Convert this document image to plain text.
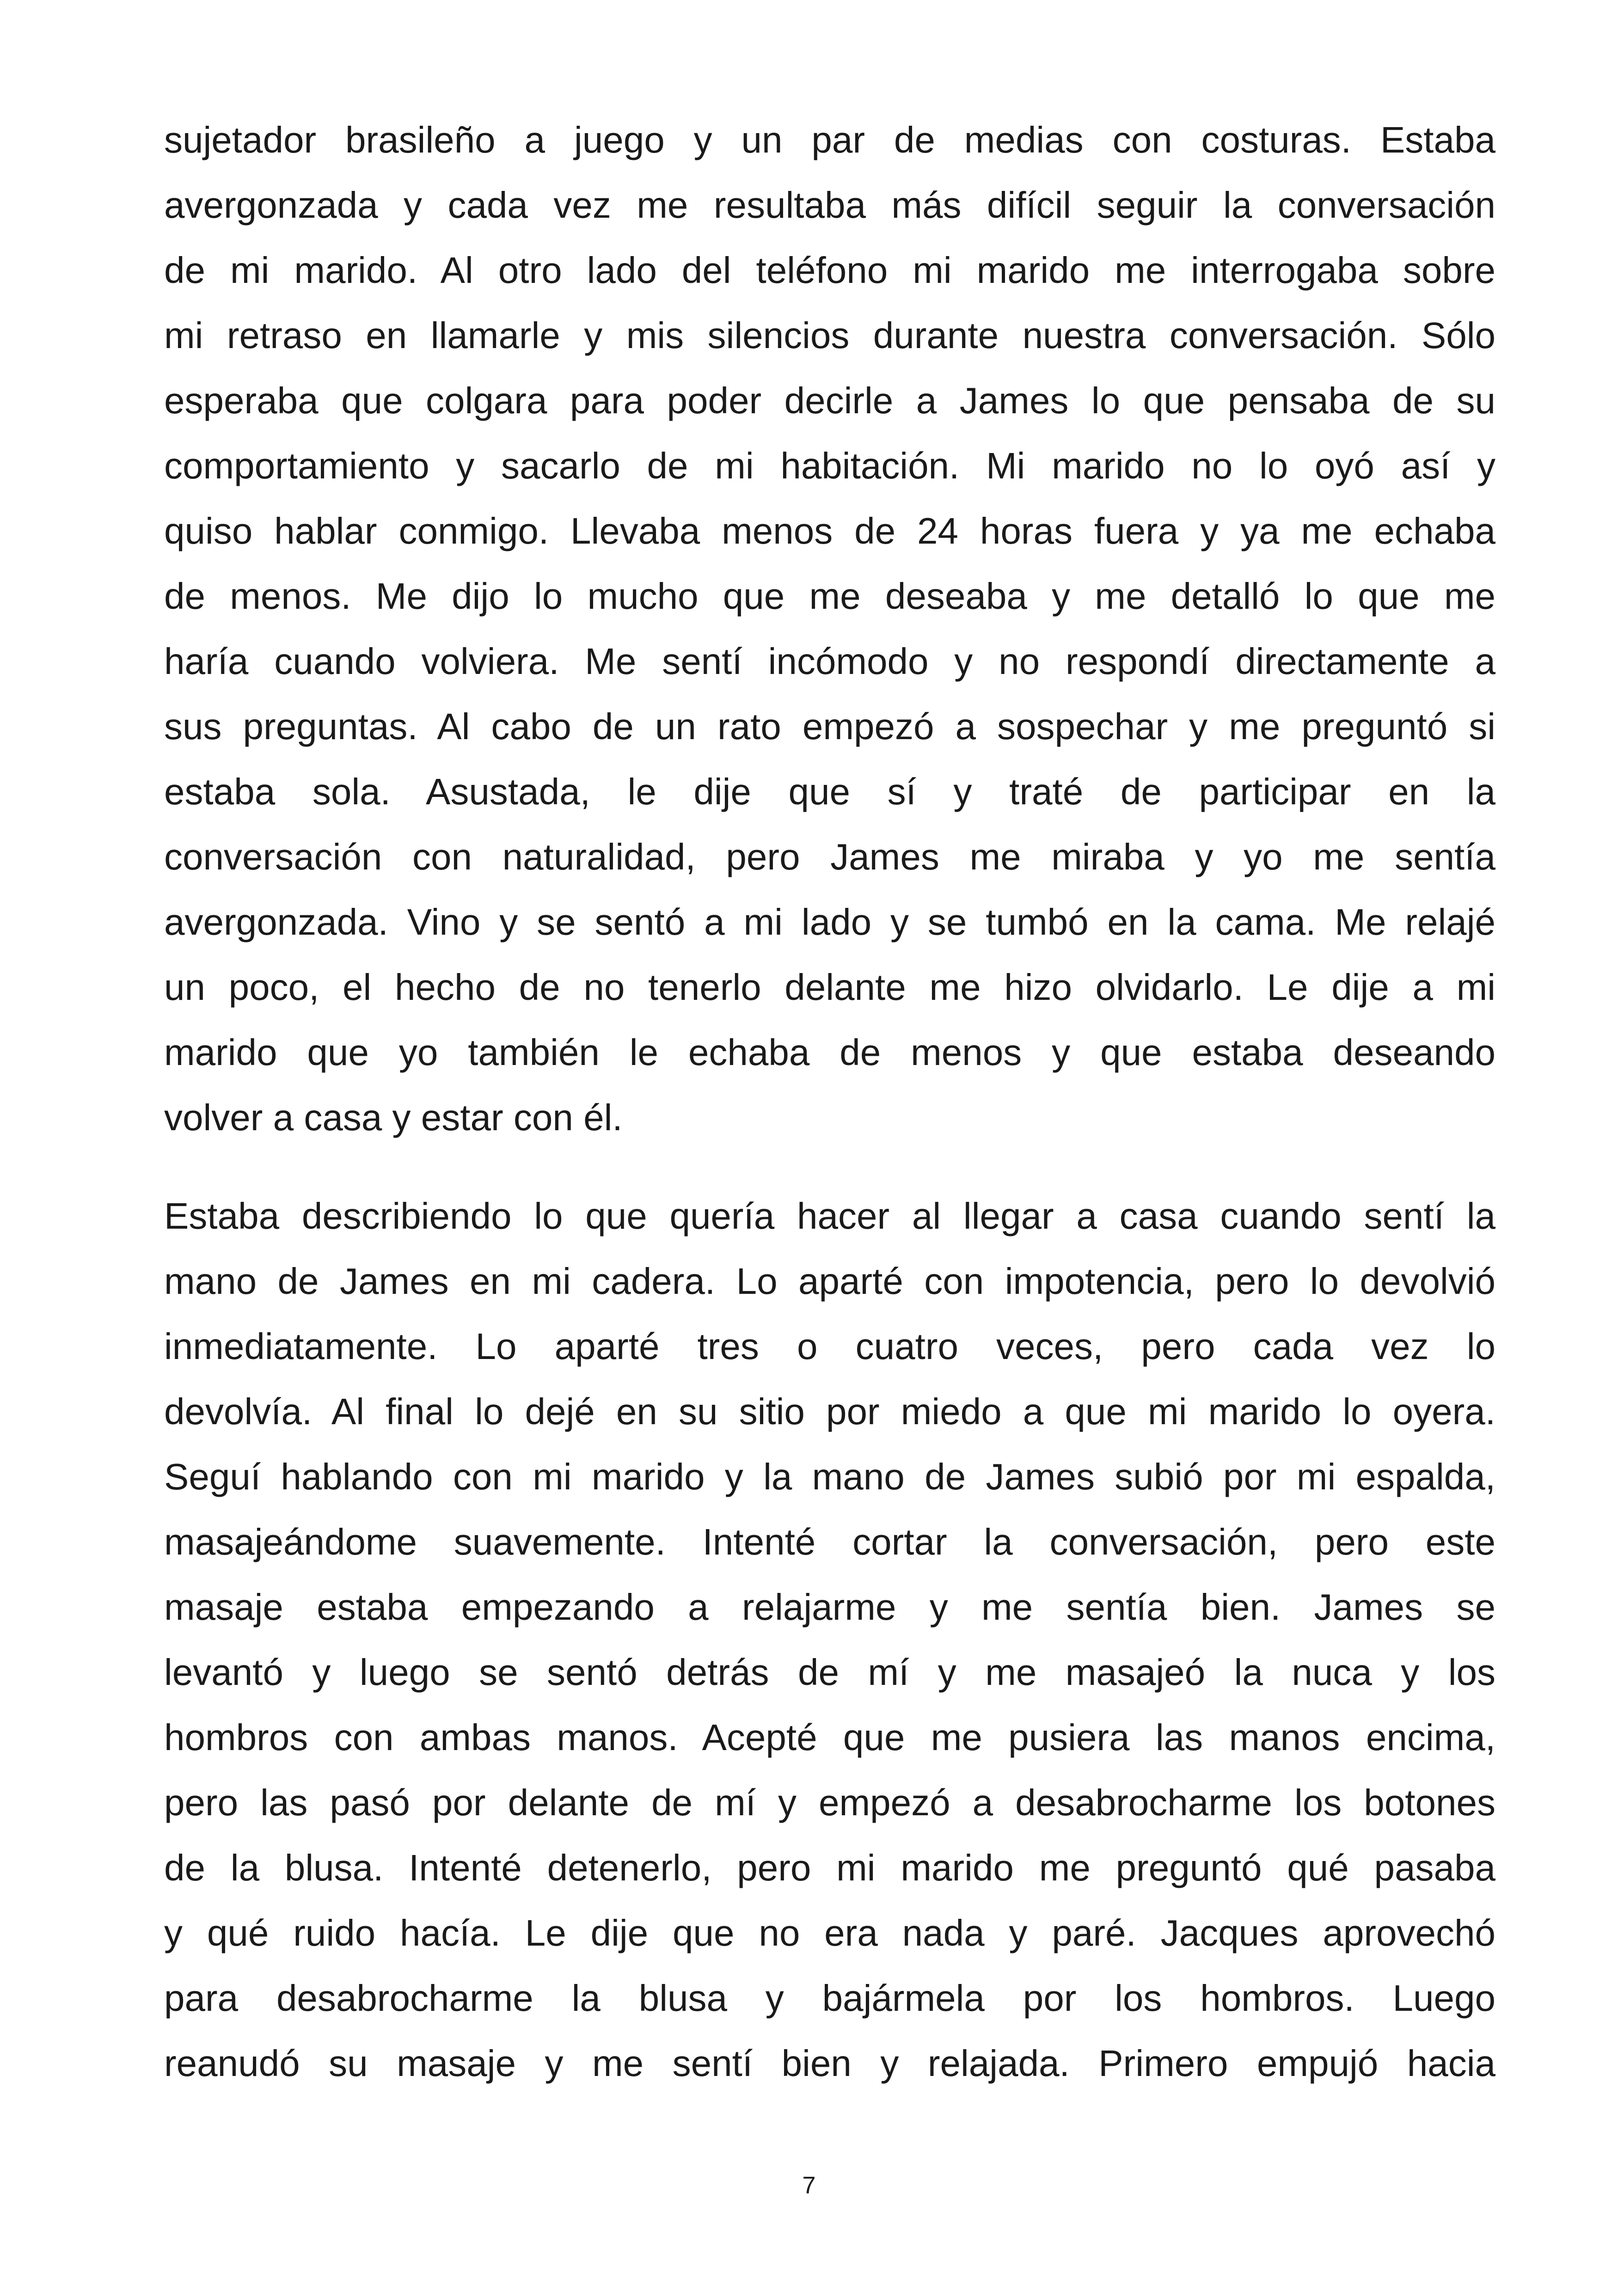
sujetador brasileño a juego y un par de medias con costuras. Estaba
avergonzada y cada vez me resultaba más difícil seguir la conversación
de mi marido. Al otro lado del teléfono mi marido me interrogaba sobre
mi retraso en llamarle y mis silencios durante nuestra conversación. Sólo
esperaba que colgara para poder decirle a James lo que pensaba de su
comportamiento y sacarlo de mi habitación. Mi marido no lo oyó así y
quiso hablar conmigo. Llevaba menos de 24 horas fuera y ya me echaba
de menos. Me dijo lo mucho que me deseaba y me detalló lo que me
haría cuando volviera. Me sentí incómodo y no respondí directamente a
sus preguntas. Al cabo de un rato empezó a sospechar y me preguntó si
estaba sola. Asustada, le dije que sí y traté de participar en la
conversación con naturalidad, pero James me miraba y yo me sentía
avergonzada. Vino y se sentó a mi lado y se tumbó en la cama. Me relajé
un poco, el hecho de no tenerlo delante me hizo olvidarlo. Le dije a mi
marido que yo también le echaba de menos y que estaba deseando
volver a casa y estar con él.

Estaba describiendo lo que quería hacer al llegar a casa cuando sentí la
mano de James en mi cadera. Lo aparté con impotencia, pero lo devolvió
inmediatamente. Lo aparté tres o cuatro veces, pero cada vez lo
devolvía. Al final lo dejé en su sitio por miedo a que mi marido lo oyera.
Seguí hablando con mi marido y la mano de James subió por mi espalda,
masajeándome suavemente. Intenté cortar la conversación, pero este
masaje estaba empezando a relajarme y me sentía bien. James se
levantó y luego se sentó detrás de mí y me masajeó la nuca y los
hombros con ambas manos. Acepté que me pusiera las manos encima,
pero las pasó por delante de mí y empezó a desabrocharme los botones
de la blusa. Intenté detenerlo, pero mi marido me preguntó qué pasaba
y qué ruido hacía. Le dije que no era nada y paré. Jacques aprovechó
para desabrocharme la blusa y bajármela por los hombros. Luego
reanudó su masaje y me sentí bien y relajada. Primero empujó hacia

7
